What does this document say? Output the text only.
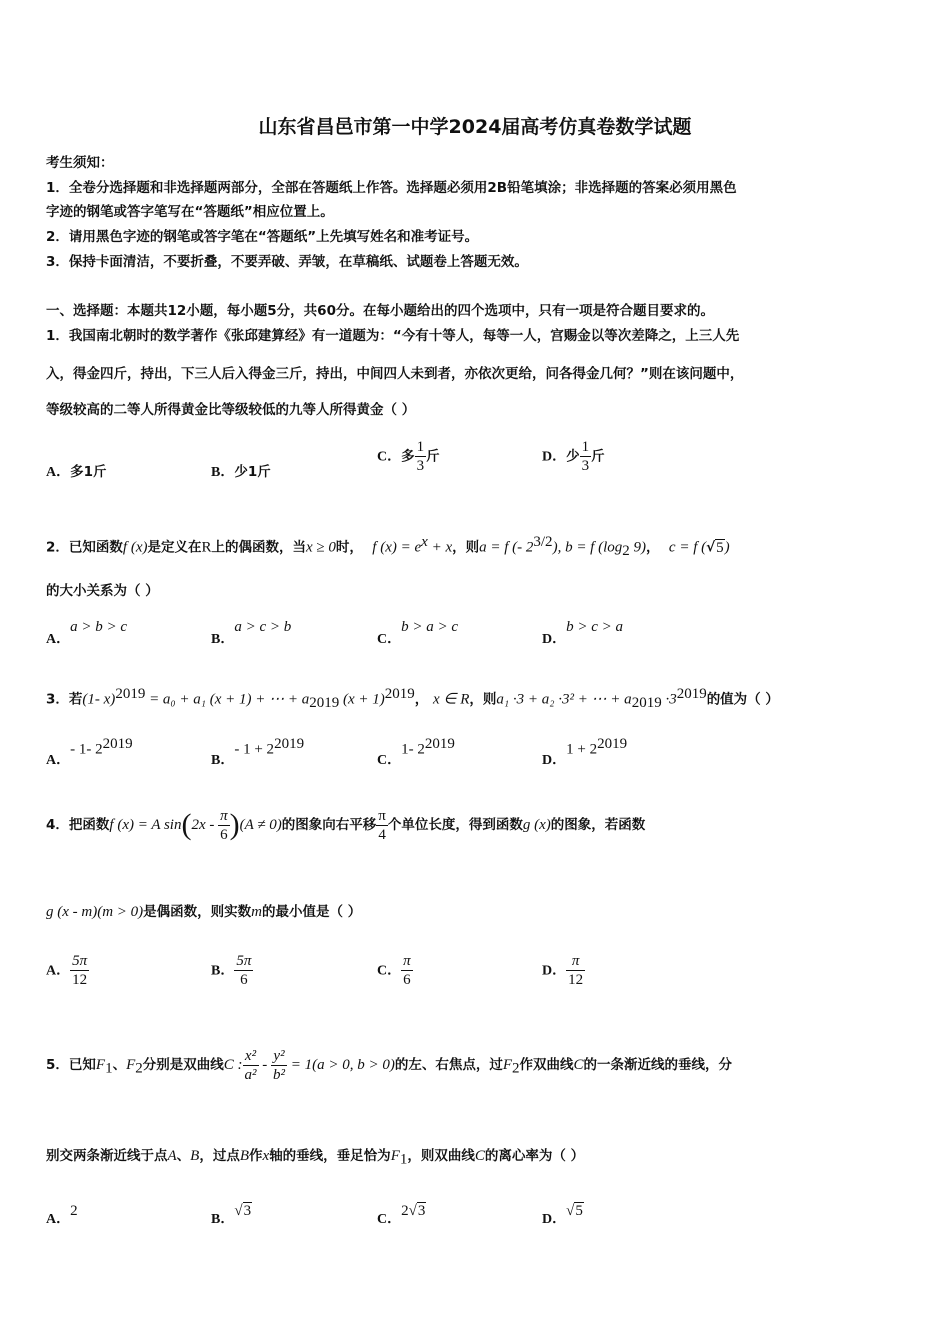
山东省昌邑市第一中学2024届高考仿真卷数学试题
考生须知：
1．全卷分选择题和非选择题两部分，全部在答题纸上作答。选择题必须用2B铅笔填涂；非选择题的答案必须用黑色
字迹的钢笔或答字笔写在“答题纸”相应位置上。
2．请用黑色字迹的钢笔或答字笔在“答题纸”上先填写姓名和准考证号。
3．保持卡面清洁，不要折叠，不要弄破、弄皱，在草稿纸、试题卷上答题无效。
一、选择题：本题共12小题，每小题5分，共60分。在每小题给出的四个选项中，只有一项是符合题目要求的。
1．我国南北朝时的数学著作《张邱建算经》有一道题为：“今有十等人，每等一人，宫赐金以等次差降之，上三人先
入，得金四斤，持出，下三人后入得金三斤，持出，中间四人未到者，亦依次更给，问各得金几何？”则在该问题中，
等级较高的二等人所得黄金比等级较低的九等人所得黄金（ ）
A．多1斤	B．少1斤
C．多 $\frac{1}{3}$ 斤	D．少 $\frac{1}{3}$ 斤
2．已知函数f (x)是定义在R上的偶函数，当x ≥ 0时， f $(x) = e^x + x$，则a = f (- $2^{3/2}$), b = f ($\log_2$ 9)， c = f (√5)
的大小关系为（ ）
A．a > b > c
B．a > c > b
C．b > a > c
D．b > c > a
3．若(1- x)$^{2019}$ = a₀ + a₁ (x + 1) + ⋯ + $a_{2019}$ $(x + 1)^{2019}$， x ∈ R，则a₁ ·3 + a₂ ·3² + ⋯ + $a_{2019} \cdot 3^{2019}$的值为（ ）
A．- 1- $2^{2019}$
B．- $1 + 2^{2019}$
C．1- $2^{2019}$
D．$1 + 2^{2019}$
4．把函数f (x) = A $\sin(2x - \frac{\pi}{6} )(A \ne 0)$的图象向右平移 $\frac{\pi}{4}$ 个单位长度，得到函数g (x)的图象，若函数
g (x - m)(m > 0)是偶函数，则实数m的最小值是（ ）
A． $\frac{5\pi}{12}$	B． $\frac{5\pi}{6}$	C． $\frac{\pi}{6}$	D． $\frac{\pi}{12}$
5．已知$F_1$、$F_2$分别是双曲线C : $\frac{\text{x²}}{\text{a²}} - \frac{\text{y²}}{\text{b²}} = 1(a > 0$, b > 0)的左、右焦点，过$F_2$作双曲线C的一条渐近线的垂线，分
别交两条渐近线于点A、B，过点B作x轴的垂线，垂足恰为$F_1$，则双曲线C的离心率为（ ）
A．2
B．√3
C．2√3
D．√5
